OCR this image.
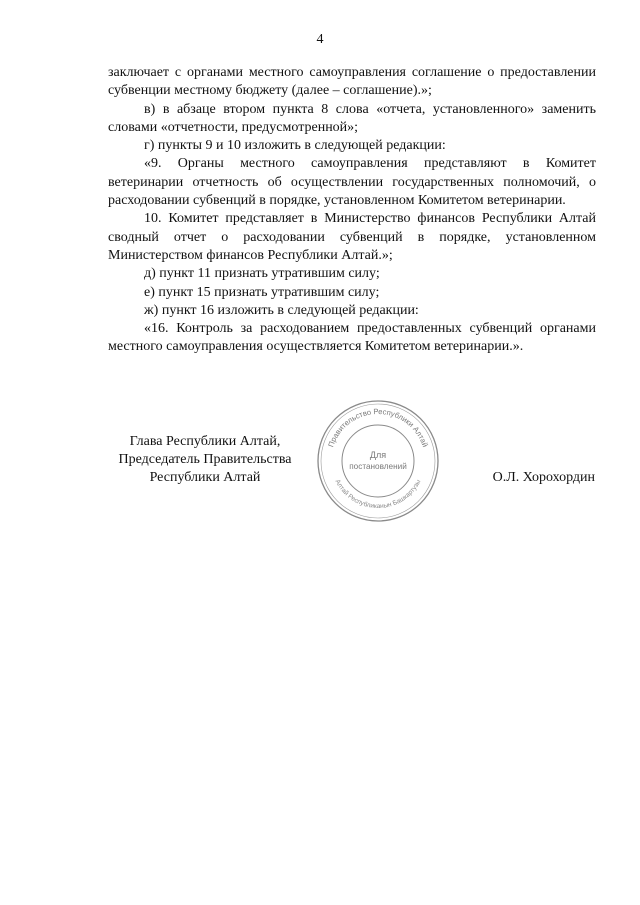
4

заключает с органами местного самоуправления соглашение о предоставлении субвенции местному бюджету (далее – соглашение).»;

в) в абзаце втором пункта 8 слова «отчета, установленного» заменить словами «отчетности, предусмотренной»;

г) пункты 9 и 10 изложить в следующей редакции:

«9. Органы местного самоуправления представляют в Комитет ветеринарии отчетность об осуществлении государственных полномочий, о расходовании субвенций в порядке, установленном Комитетом ветеринарии.

10. Комитет представляет в Министерство финансов Республики Алтай сводный отчет о расходовании субвенций в порядке, установленном Министерством финансов Республики Алтай.»;

д) пункт 11 признать утратившим силу;

е) пункт 15 признать утратившим силу;

ж) пункт 16 изложить в следующей редакции:

«16. Контроль за расходованием предоставленных субвенций органами местного самоуправления осуществляется Комитетом ветеринарии.».

Глава Республики Алтай,
Председатель Правительства
Республики Алтай
Правительство Республики Алтай
Алтай Республиканын Башкартузы
Для
постановлений
О.Л. Хорохордин
